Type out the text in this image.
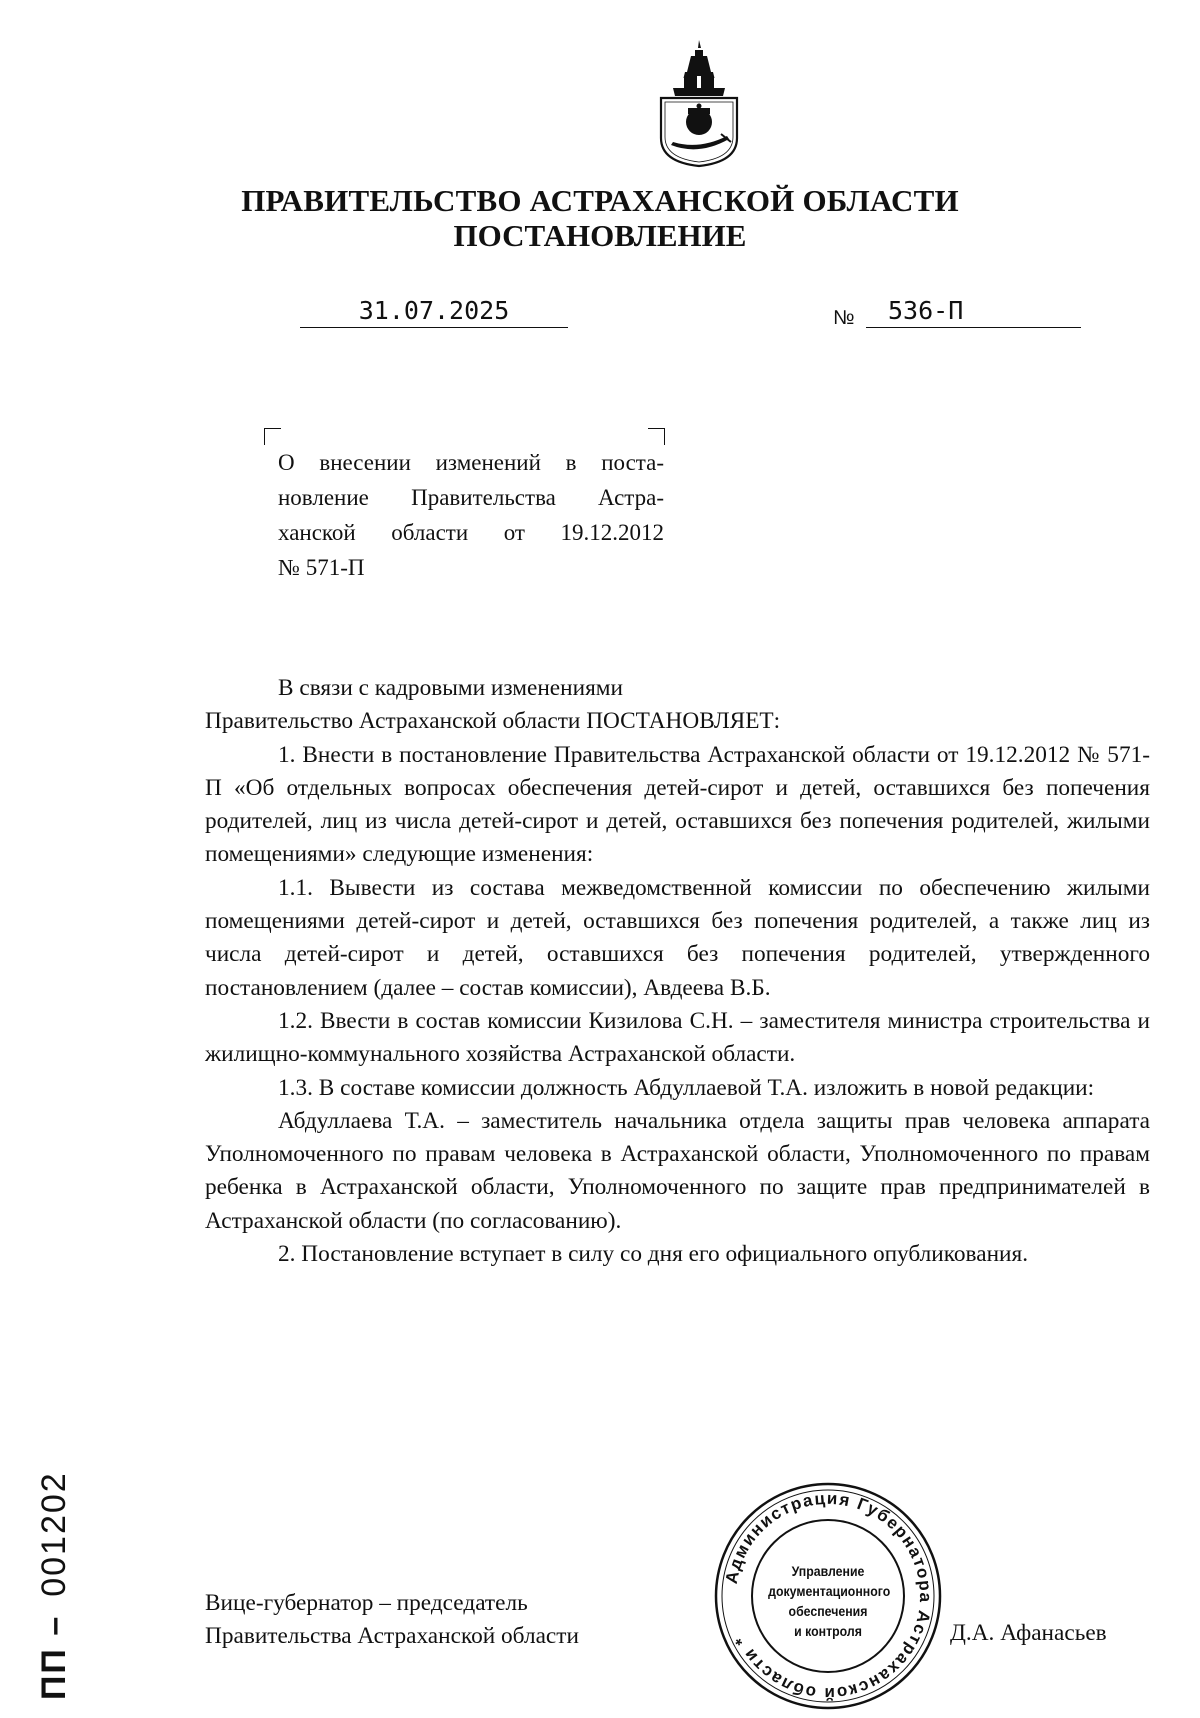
ПРАВИТЕЛЬСТВО АСТРАХАНСКОЙ ОБЛАСТИ
ПОСТАНОВЛЕНИЕ
31.07.2025	№	536-П

О внесении изменений в поста-

новление Правительства Астра-

ханской области от 19.12.2012

№ 571-П

В связи с кадровыми изменениями

Правительство Астраханской области ПОСТАНОВЛЯЕТ:

1. Внести в постановление Правительства Астраханской области от 19.12.2012 № 571-П «Об отдельных вопросах обеспечения детей-сирот и детей, оставшихся без попечения родителей, лиц из числа детей-сирот и детей, оставшихся без попечения родителей, жилыми помещениями» следующие изменения:

1.1. Вывести из состава межведомственной комиссии по обеспечению жилыми помещениями детей-сирот и детей, оставшихся без попечения родителей, а также лиц из числа детей-сирот и детей, оставшихся без попечения родителей, утвержденного постановлением (далее – состав комиссии), Авдеева В.Б.

1.2. Ввести в состав комиссии Кизилова С.Н. – заместителя министра строительства и жилищно-коммунального хозяйства Астраханской области.

1.3. В составе комиссии должность Абдуллаевой Т.А. изложить в новой редакции:

Абдуллаева Т.А. – заместитель начальника отдела защиты прав человека аппарата Уполномоченного по правам человека в Астраханской области, Уполномоченного по правам ребенка в Астраханской области, Уполномоченного по защите прав предпринимателей в Астраханской области (по согласованию).

2. Постановление вступает в силу со дня его официального опубликования.

Вице-губернатор – председатель
Правительства Астраханской области
Администрация Губернатора Астраханской области *
Управление
документационного
обеспечения
и контроля	Д.А. Афанасьев
ПП –001202
